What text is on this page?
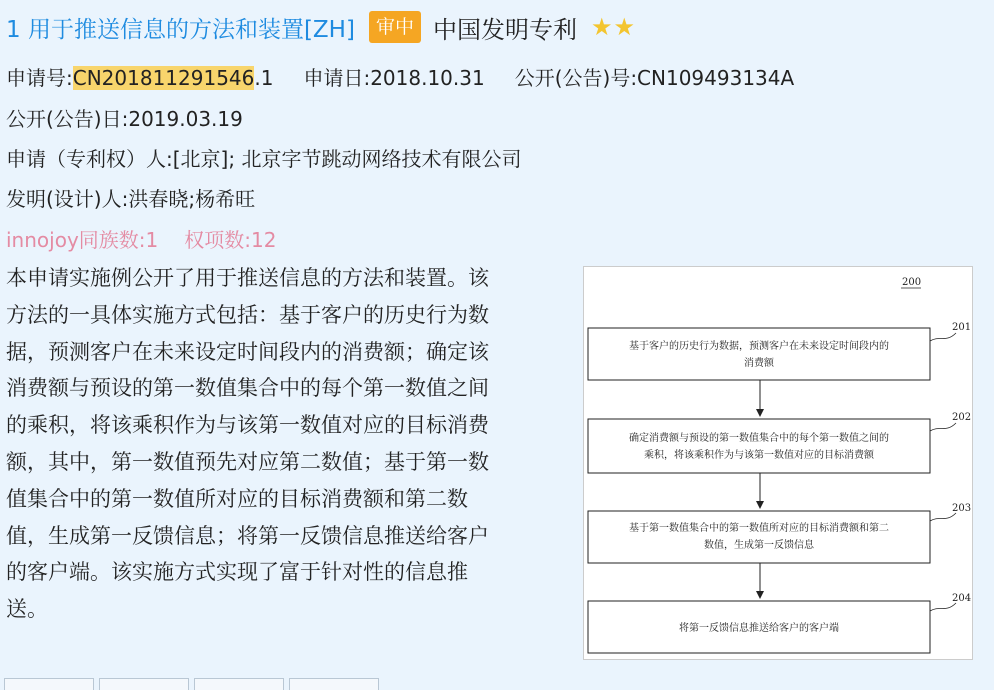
1 用于推送信息的方法和装置[ZH]	审中 中国发明专利 ★★
申请号:CN201811291546.1 申请日:2018.10.31 公开(公告)号:CN109493134A
公开(公告)日:2019.03.19
申请（专利权）人:[北京]; 北京字节跳动网络技术有限公司
发明(设计)人:洪春晓;杨希旺
innojoy同族数:1 权项数:12
本申请实施例公开了用于推送信息的方法和装置。该
方法的一具体实施方式包括：基于客户的历史行为数
据，预测客户在未来设定时间段内的消费额；确定该
消费额与预设的第一数值集合中的每个第一数值之间
的乘积，将该乘积作为与该第一数值对应的目标消费
额，其中，第一数值预先对应第二数值；基于第一数
值集合中的第一数值所对应的目标消费额和第二数
值，生成第一反馈信息；将第一反馈信息推送给客户
的客户端。该实施方式实现了富于针对性的信息推
送。
200
基于客户的历史行为数据，预测客户在未来设定时间段内的
消费额
201
确定消费额与预设的第一数值集合中的每个第一数值之间的
乘积，将该乘积作为与该第一数值对应的目标消费额
202
基于第一数值集合中的第一数值所对应的目标消费额和第二
数值，生成第一反馈信息
203
将第一反馈信息推送给客户的客户端
204
